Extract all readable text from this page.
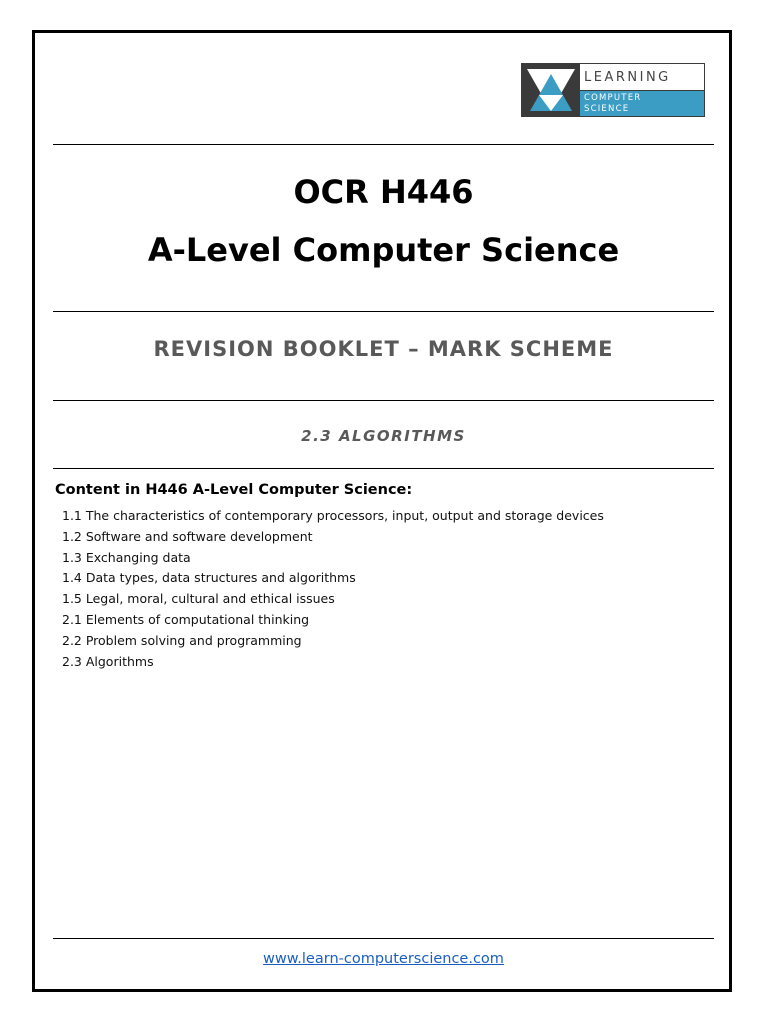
LEARNING
COMPUTER
SCIENCE
OCR H446
A-Level Computer Science
REVISION BOOKLET – MARK SCHEME
2.3 ALGORITHMS
Content in H446 A-Level Computer Science:
1.1 The characteristics of contemporary processors, input, output and storage devices
1.2 Software and software development
1.3 Exchanging data
1.4 Data types, data structures and algorithms
1.5 Legal, moral, cultural and ethical issues
2.1 Elements of computational thinking
2.2 Problem solving and programming
2.3 Algorithms
www.learn-computerscience.com
